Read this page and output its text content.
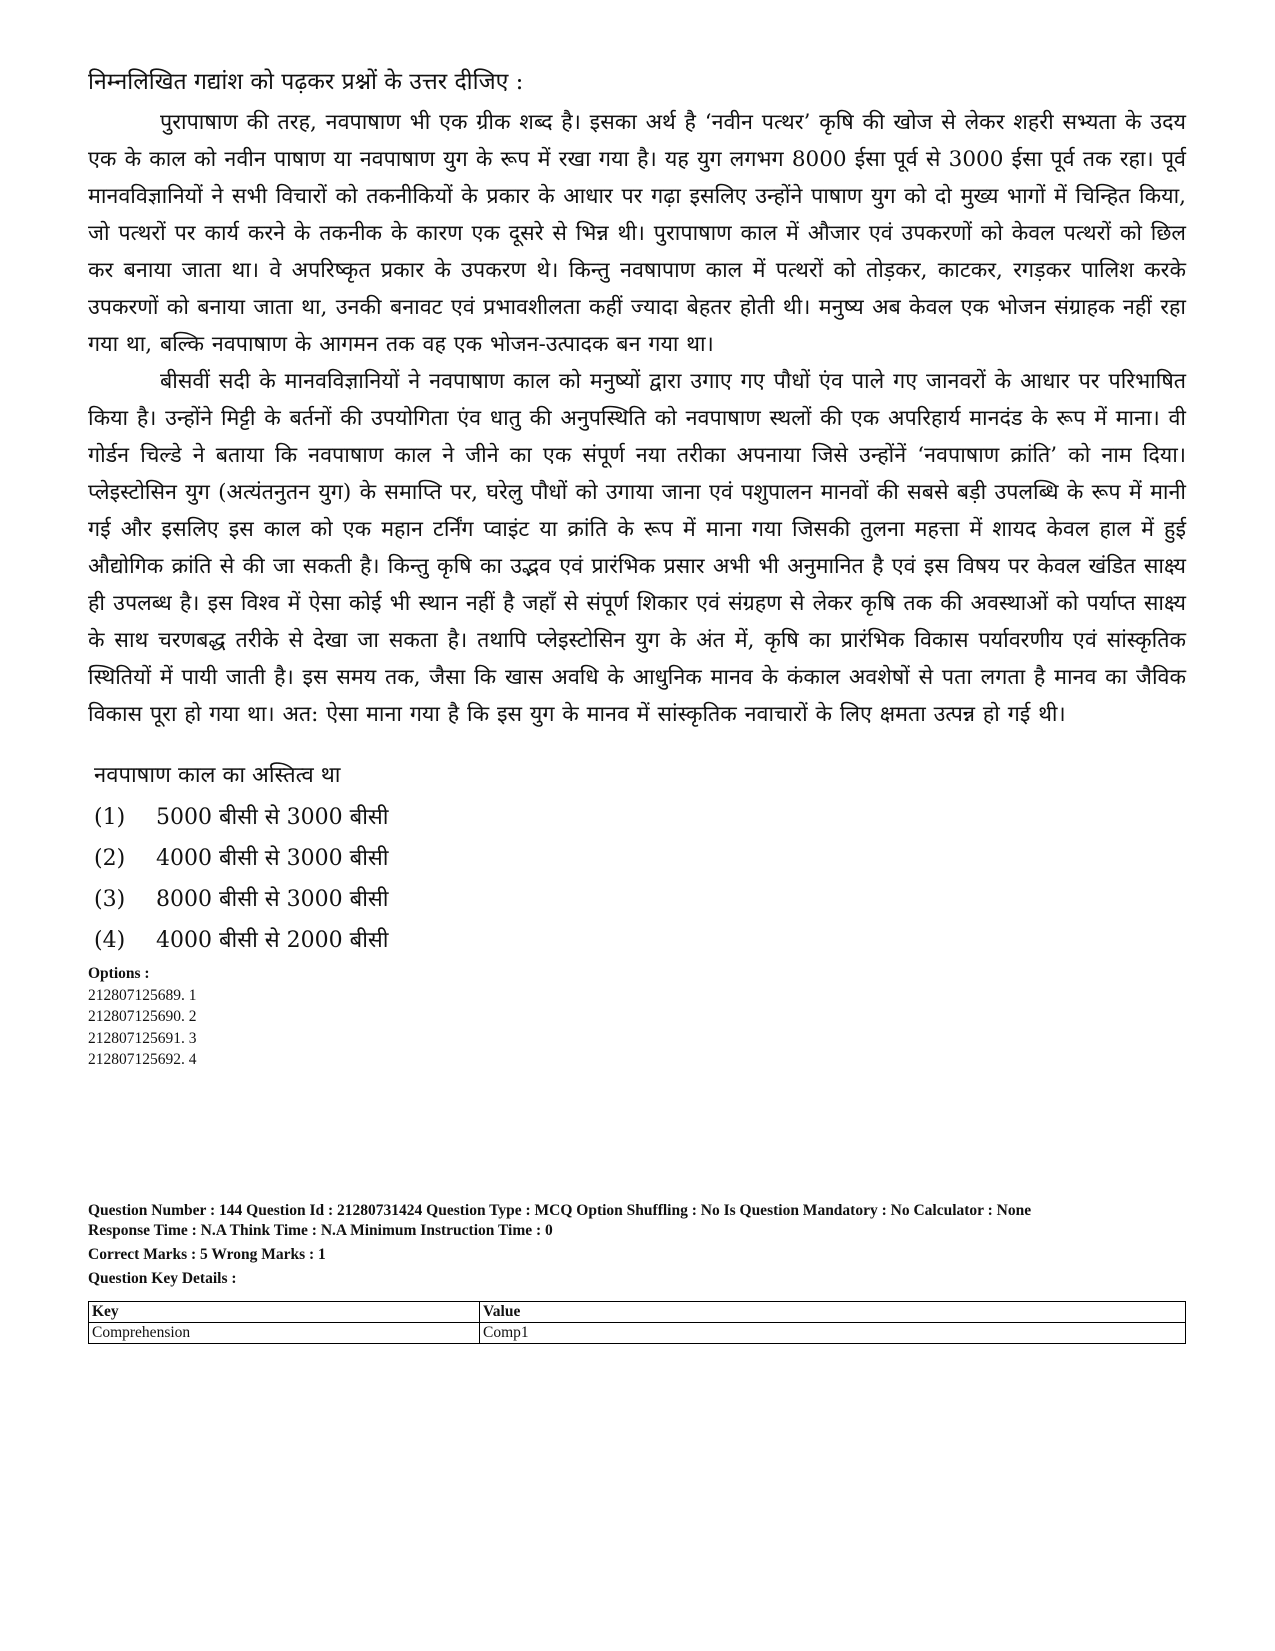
निम्नलिखित गद्यांश को पढ़कर प्रश्नों के उत्तर दीजिए :

पुरापाषाण की तरह, नवपाषाण भी एक ग्रीक शब्द है। इसका अर्थ है ‘नवीन पत्थर’ कृषि की खोज से लेकर शहरी सभ्यता के उदय एक के काल को नवीन पाषाण या नवपाषाण युग के रूप में रखा गया है। यह युग लगभग 8000 ईसा पूर्व से 3000 ईसा पूर्व तक रहा। पूर्व मानवविज्ञानियों ने सभी विचारों को तकनीकियों के प्रकार के आधार पर गढ़ा इसलिए उन्होंने पाषाण युग को दो मुख्य भागों में चिन्हित किया, जो पत्थरों पर कार्य करने के तकनीक के कारण एक दूसरे से भिन्न थी। पुरापाषाण काल में औजार एवं उपकरणों को केवल पत्थरों को छिल कर बनाया जाता था। वे अपरिष्कृत प्रकार के उपकरण थे। किन्तु नवषापाण काल में पत्थरों को तोड़कर, काटकर, रगड़कर पालिश करके उपकरणों को बनाया जाता था, उनकी बनावट एवं प्रभावशीलता कहीं ज्यादा बेहतर होती थी। मनुष्य अब केवल एक भोजन संग्राहक नहीं रहा गया था, बल्कि नवपाषाण के आगमन तक वह एक भोजन-उत्पादक बन गया था।

बीसवीं सदी के मानवविज्ञानियों ने नवपाषाण काल को मनुष्यों द्वारा उगाए गए पौधों एंव पाले गए जानवरों के आधार पर परिभाषित किया है। उन्होंने मिट्टी के बर्तनों की उपयोगिता एंव धातु की अनुपस्थिति को नवपाषाण स्थलों की एक अपरिहार्य मानदंड के रूप में माना। वी गोर्डन चिल्डे ने बताया कि नवपाषाण काल ने जीने का एक संपूर्ण नया तरीका अपनाया जिसे उन्होंनें ‘नवपाषाण क्रांति’ को नाम दिया। प्लेइस्टोसिन युग (अत्यंतनुतन युग) के समाप्ति पर, घरेलु पौधों को उगाया जाना एवं पशुपालन मानवों की सबसे बड़ी उपलब्धि के रूप में मानी गई और इसलिए इस काल को एक महान टर्निंग प्वाइंट या क्रांति के रूप में माना गया जिसकी तुलना महत्ता में शायद केवल हाल में हुई औद्योगिक क्रांति से की जा सकती है। किन्तु कृषि का उद्भव एवं प्रारंभिक प्रसार अभी भी अनुमानित है एवं इस विषय पर केवल खंडित साक्ष्य ही उपलब्ध है। इस विश्व में ऐसा कोई भी स्थान नहीं है जहाँ से संपूर्ण शिकार एवं संग्रहण से लेकर कृषि तक की अवस्थाओं को पर्याप्त साक्ष्य के साथ चरणबद्ध तरीके से देखा जा सकता है। तथापि प्लेइस्टोसिन युग के अंत में, कृषि का प्रारंभिक विकास पर्यावरणीय एवं सांस्कृतिक स्थितियों में पायी जाती है। इस समय तक, जैसा कि खास अवधि के आधुनिक मानव के कंकाल अवशेषों से पता लगता है मानव का जैविक विकास पूरा हो गया था। अत: ऐसा माना गया है कि इस युग के मानव में सांस्कृतिक नवाचारों के लिए क्षमता उत्पन्न हो गई थी।

नवपाषाण काल का अस्तित्व था

(1)	5000 बीसी से 3000 बीसी
(2)	4000 बीसी से 3000 बीसी
(3)	8000 बीसी से 3000 बीसी
(4)	4000 बीसी से 2000 बीसी
Options :
212807125689. 1
212807125690. 2
212807125691. 3
212807125692. 4
Question Number : 144 Question Id : 21280731424 Question Type : MCQ Option Shuffling : No Is Question Mandatory : No Calculator : None
Response Time : N.A Think Time : N.A Minimum Instruction Time : 0
Correct Marks : 5 Wrong Marks : 1
Question Key Details :
Key	Value
Comprehension	Comp1
